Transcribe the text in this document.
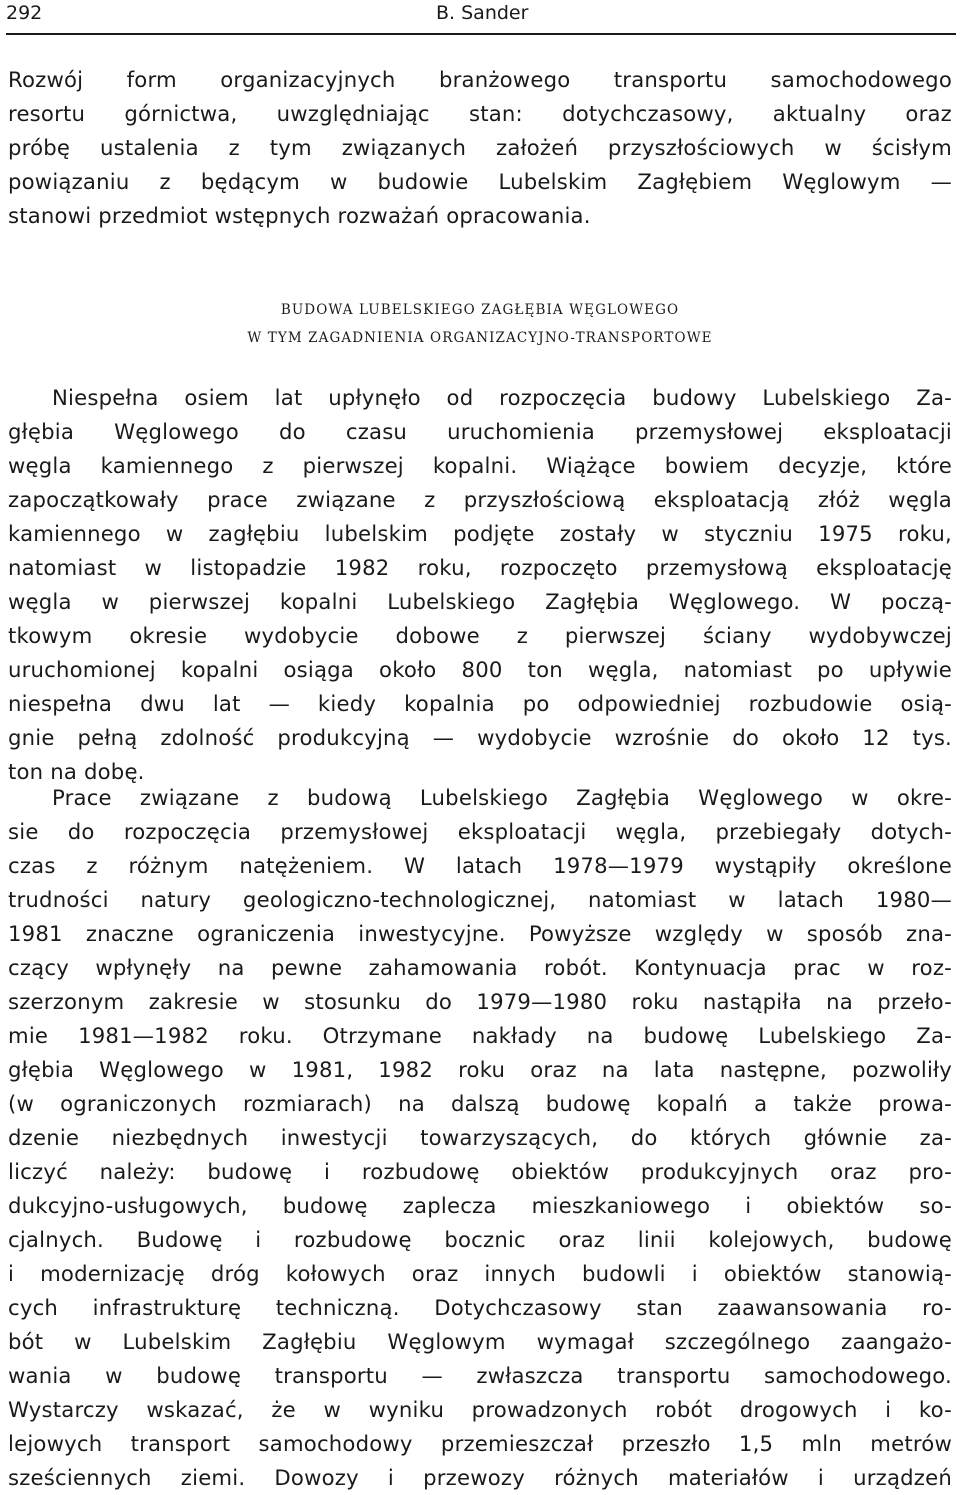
292	B. Sander
Rozwój form organizacyjnych branżowego transportu samochodowego
resortu górnictwa, uwzględniając stan: dotychczasowy, aktualny oraz
próbę ustalenia z tym związanych założeń przyszłościowych w ścisłym
powiązaniu z będącym w budowie Lubelskim Zagłębiem Węglowym —
stanowi przedmiot wstępnych rozważań opracowania.
BUDOWA LUBELSKIEGO ZAGŁĘBIA WĘGLOWEGO
W TYM ZAGADNIENIA ORGANIZACYJNO-TRANSPORTOWE
Niespełna osiem lat upłynęło od rozpoczęcia budowy Lubelskiego Za-
głębia Węglowego do czasu uruchomienia przemysłowej eksploatacji
węgla kamiennego z pierwszej kopalni. Wiążące bowiem decyzje, które
zapoczątkowały prace związane z przyszłościową eksploatacją złóż węgla
kamiennego w zagłębiu lubelskim podjęte zostały w styczniu 1975 roku,
natomiast w listopadzie 1982 roku, rozpoczęto przemysłową eksploatację
węgla w pierwszej kopalni Lubelskiego Zagłębia Węglowego. W począ-
tkowym okresie wydobycie dobowe z pierwszej ściany wydobywczej
uruchomionej kopalni osiąga około 800 ton węgla, natomiast po upływie
niespełna dwu lat — kiedy kopalnia po odpowiedniej rozbudowie osią-
gnie pełną zdolność produkcyjną — wydobycie wzrośnie do około 12 tys.
ton na dobę.
Prace związane z budową Lubelskiego Zagłębia Węglowego w okre-
sie do rozpoczęcia przemysłowej eksploatacji węgla, przebiegały dotych-
czas z różnym natężeniem. W latach 1978—1979 wystąpiły określone
trudności natury geologiczno-technologicznej, natomiast w latach 1980—
1981 znaczne ograniczenia inwestycyjne. Powyższe względy w sposób zna-
czący wpłynęły na pewne zahamowania robót. Kontynuacja prac w roz-
szerzonym zakresie w stosunku do 1979—1980 roku nastąpiła na przeło-
mie 1981—1982 roku. Otrzymane nakłady na budowę Lubelskiego Za-
głębia Węglowego w 1981, 1982 roku oraz na lata następne, pozwoliły
(w ograniczonych rozmiarach) na dalszą budowę kopalń a także prowa-
dzenie niezbędnych inwestycji towarzyszących, do których głównie za-
liczyć należy: budowę i rozbudowę obiektów produkcyjnych oraz pro-
dukcyjno-usługowych, budowę zaplecza mieszkaniowego i obiektów so-
cjalnych. Budowę i rozbudowę bocznic oraz linii kolejowych, budowę
i modernizację dróg kołowych oraz innych budowli i obiektów stanowią-
cych infrastrukturę techniczną. Dotychczasowy stan zaawansowania ro-
bót w Lubelskim Zagłębiu Węglowym wymagał szczególnego zaangażo-
wania w budowę transportu — zwłaszcza transportu samochodowego.
Wystarczy wskazać, że w wyniku prowadzonych robót drogowych i ko-
lejowych transport samochodowy przemieszczał przeszło 1,5 mln metrów
sześciennych ziemi. Dowozy i przewozy różnych materiałów i urządzeń
